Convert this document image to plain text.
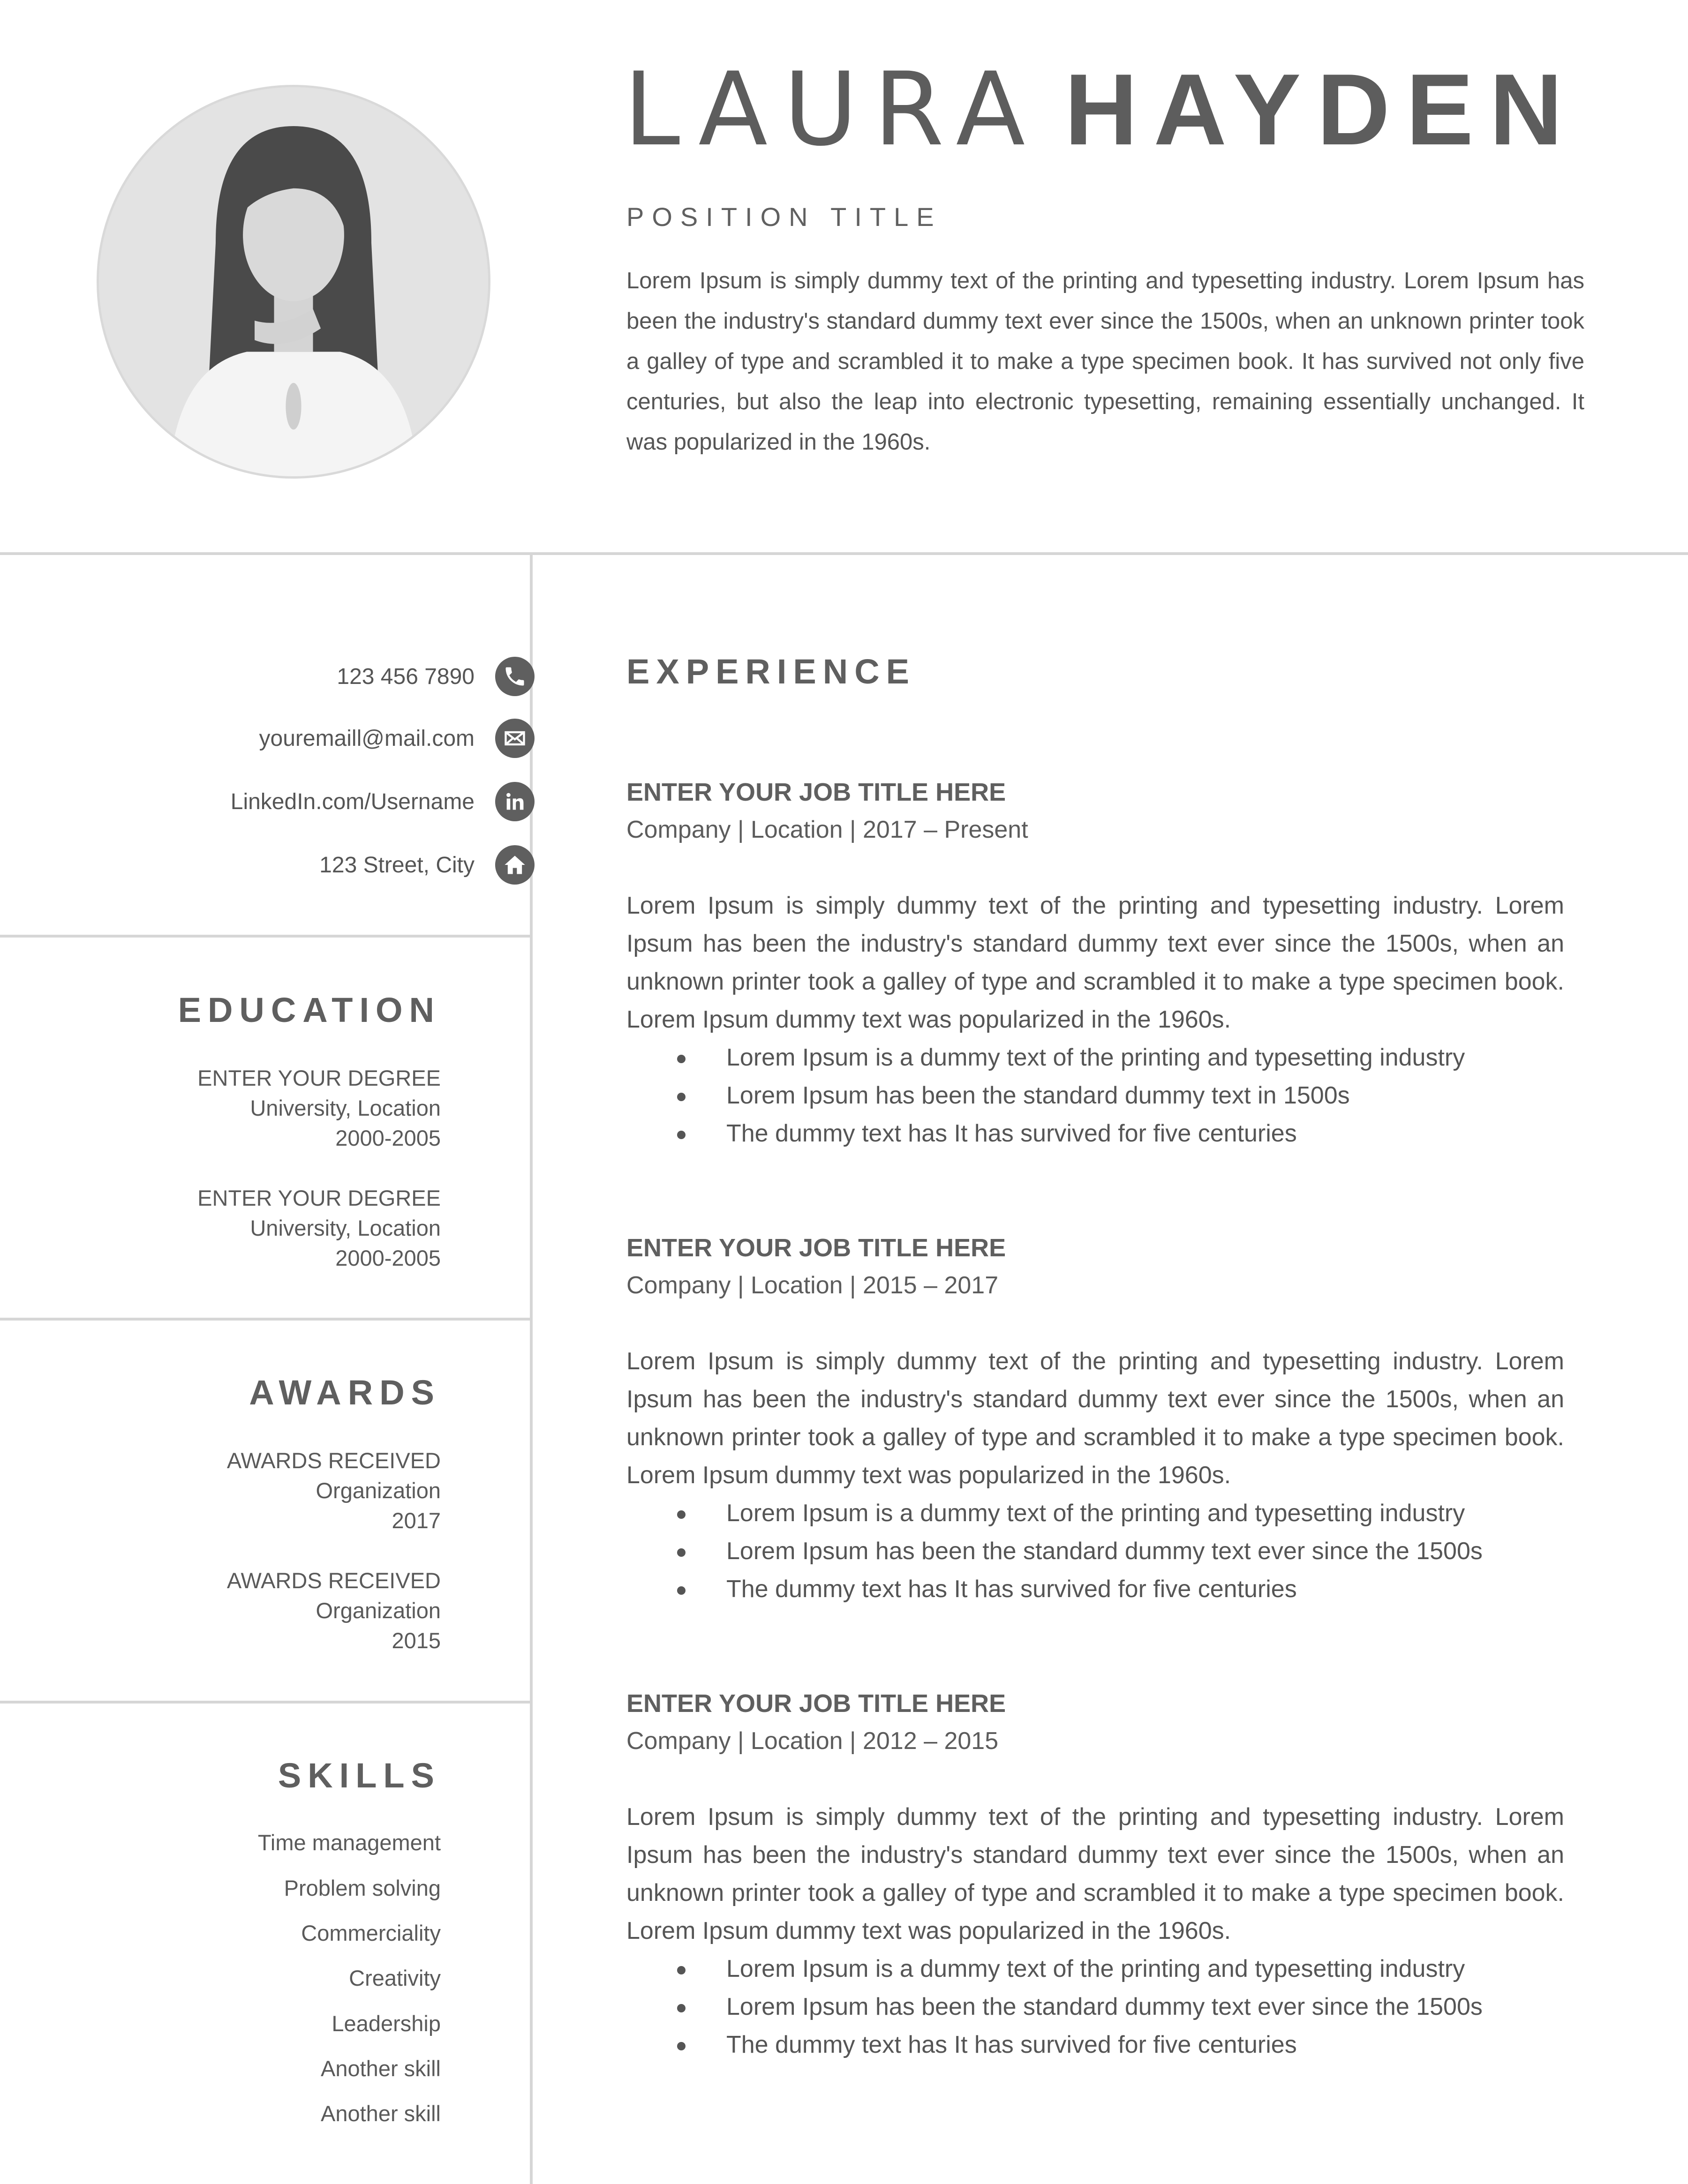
LAURA HAYDEN
POSITION TITLE
Lorem Ipsum is simply dummy text of the printing and typesetting industry. Lorem Ipsum has been the industry's standard dummy text ever since the 1500s, when an unknown printer took a galley of type and scrambled it to make a type specimen book. It has survived not only five centuries, but also the leap into electronic typesetting, remaining essentially unchanged. It was popularized in the 1960s.
123 456 7890
youremaill@mail.com
LinkedIn.com/Username
123 Street, City
EDUCATION
ENTER YOUR DEGREE
University, Location
2000-2005
ENTER YOUR DEGREE
University, Location
2000-2005
AWARDS
AWARDS RECEIVED
Organization
2017
AWARDS RECEIVED
Organization
2015
SKILLS
Time management
Problem solving
Commerciality
Creativity
Leadership
Another skill
Another skill
EXPERIENCE
ENTER YOUR JOB TITLE HERE
Company | Location | 2017 – Present
Lorem Ipsum is simply dummy text of the printing and typesetting industry. Lorem Ipsum has been the industry's standard dummy text ever since the 1500s, when an unknown printer took a galley of type and scrambled it to make a type specimen book. Lorem Ipsum dummy text was popularized in the 1960s.
Lorem Ipsum is a dummy text of the printing and typesetting industry
Lorem Ipsum has been the standard dummy text in 1500s
The dummy text has It has survived for five centuries
ENTER YOUR JOB TITLE HERE
Company | Location | 2015 – 2017
Lorem Ipsum is simply dummy text of the printing and typesetting industry. Lorem Ipsum has been the industry's standard dummy text ever since the 1500s, when an unknown printer took a galley of type and scrambled it to make a type specimen book. Lorem Ipsum dummy text was popularized in the 1960s.
Lorem Ipsum is a dummy text of the printing and typesetting industry
Lorem Ipsum has been the standard dummy text ever since the 1500s
The dummy text has It has survived for five centuries
ENTER YOUR JOB TITLE HERE
Company | Location | 2012 – 2015
Lorem Ipsum is simply dummy text of the printing and typesetting industry. Lorem Ipsum has been the industry's standard dummy text ever since the 1500s, when an unknown printer took a galley of type and scrambled it to make a type specimen book. Lorem Ipsum dummy text was popularized in the 1960s.
Lorem Ipsum is a dummy text of the printing and typesetting industry
Lorem Ipsum has been the standard dummy text ever since the 1500s
The dummy text has It has survived for five centuries
